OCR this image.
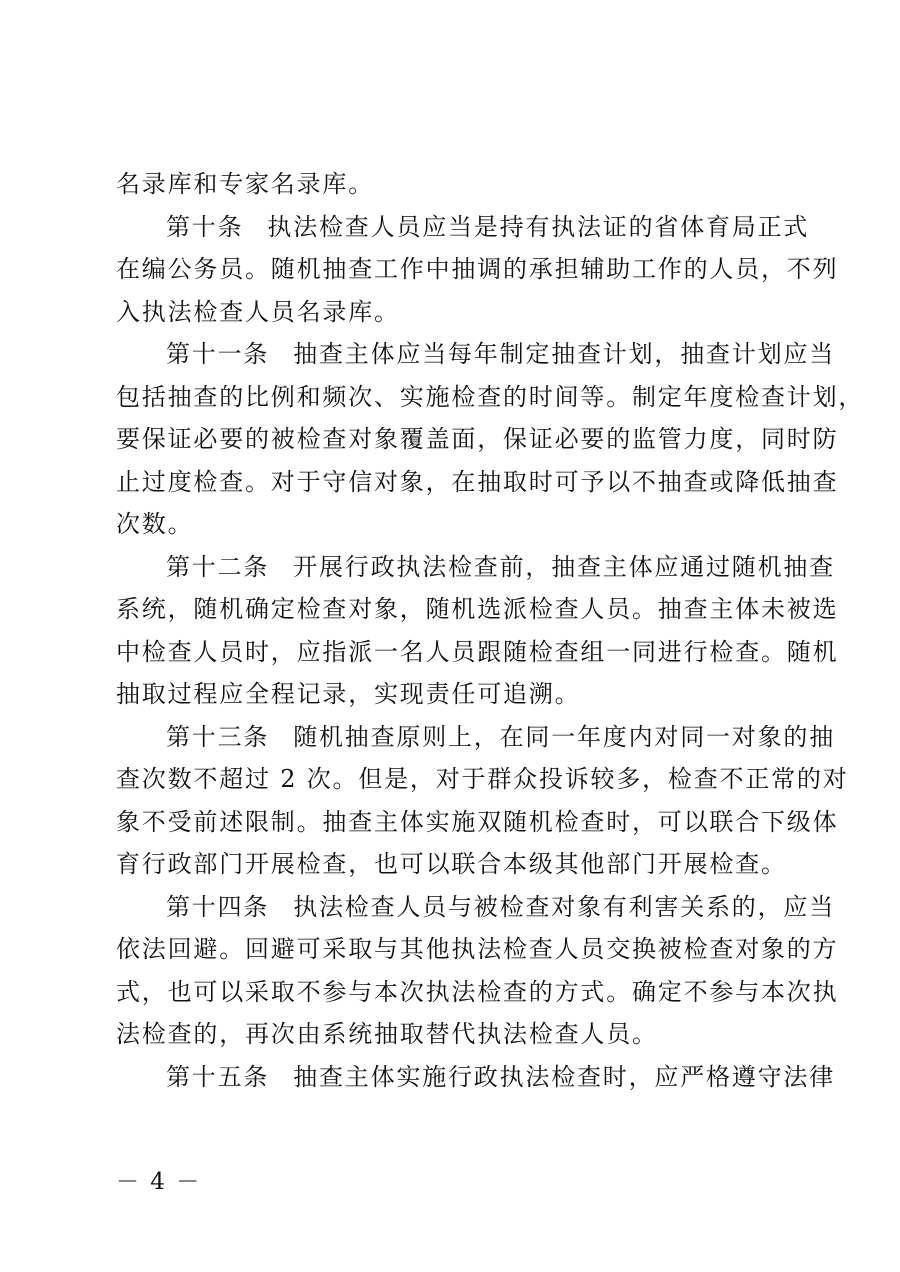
名录库和专家名录库。
第十条 执法检查人员应当是持有执法证的省体育局正式
在编公务员。随机抽查工作中抽调的承担辅助工作的人员，不列
入执法检查人员名录库。
第十一条 抽查主体应当每年制定抽查计划，抽查计划应当
包括抽查的比例和频次、实施检查的时间等。制定年度检查计划，
要保证必要的被检查对象覆盖面，保证必要的监管力度，同时防
止过度检查。对于守信对象，在抽取时可予以不抽查或降低抽查
次数。
第十二条 开展行政执法检查前，抽查主体应通过随机抽查
系统，随机确定检查对象，随机选派检查人员。抽查主体未被选
中检查人员时，应指派一名人员跟随检查组一同进行检查。随机
抽取过程应全程记录，实现责任可追溯。
第十三条 随机抽查原则上，在同一年度内对同一对象的抽
查次数不超过 2 次。但是，对于群众投诉较多，检查不正常的对
象不受前述限制。抽查主体实施双随机检查时，可以联合下级体
育行政部门开展检查，也可以联合本级其他部门开展检查。
第十四条 执法检查人员与被检查对象有利害关系的，应当
依法回避。回避可采取与其他执法检查人员交换被检查对象的方
式，也可以采取不参与本次执法检查的方式。确定不参与本次执
法检查的，再次由系统抽取替代执法检查人员。
第十五条 抽查主体实施行政执法检查时，应严格遵守法律
－ 4 －
